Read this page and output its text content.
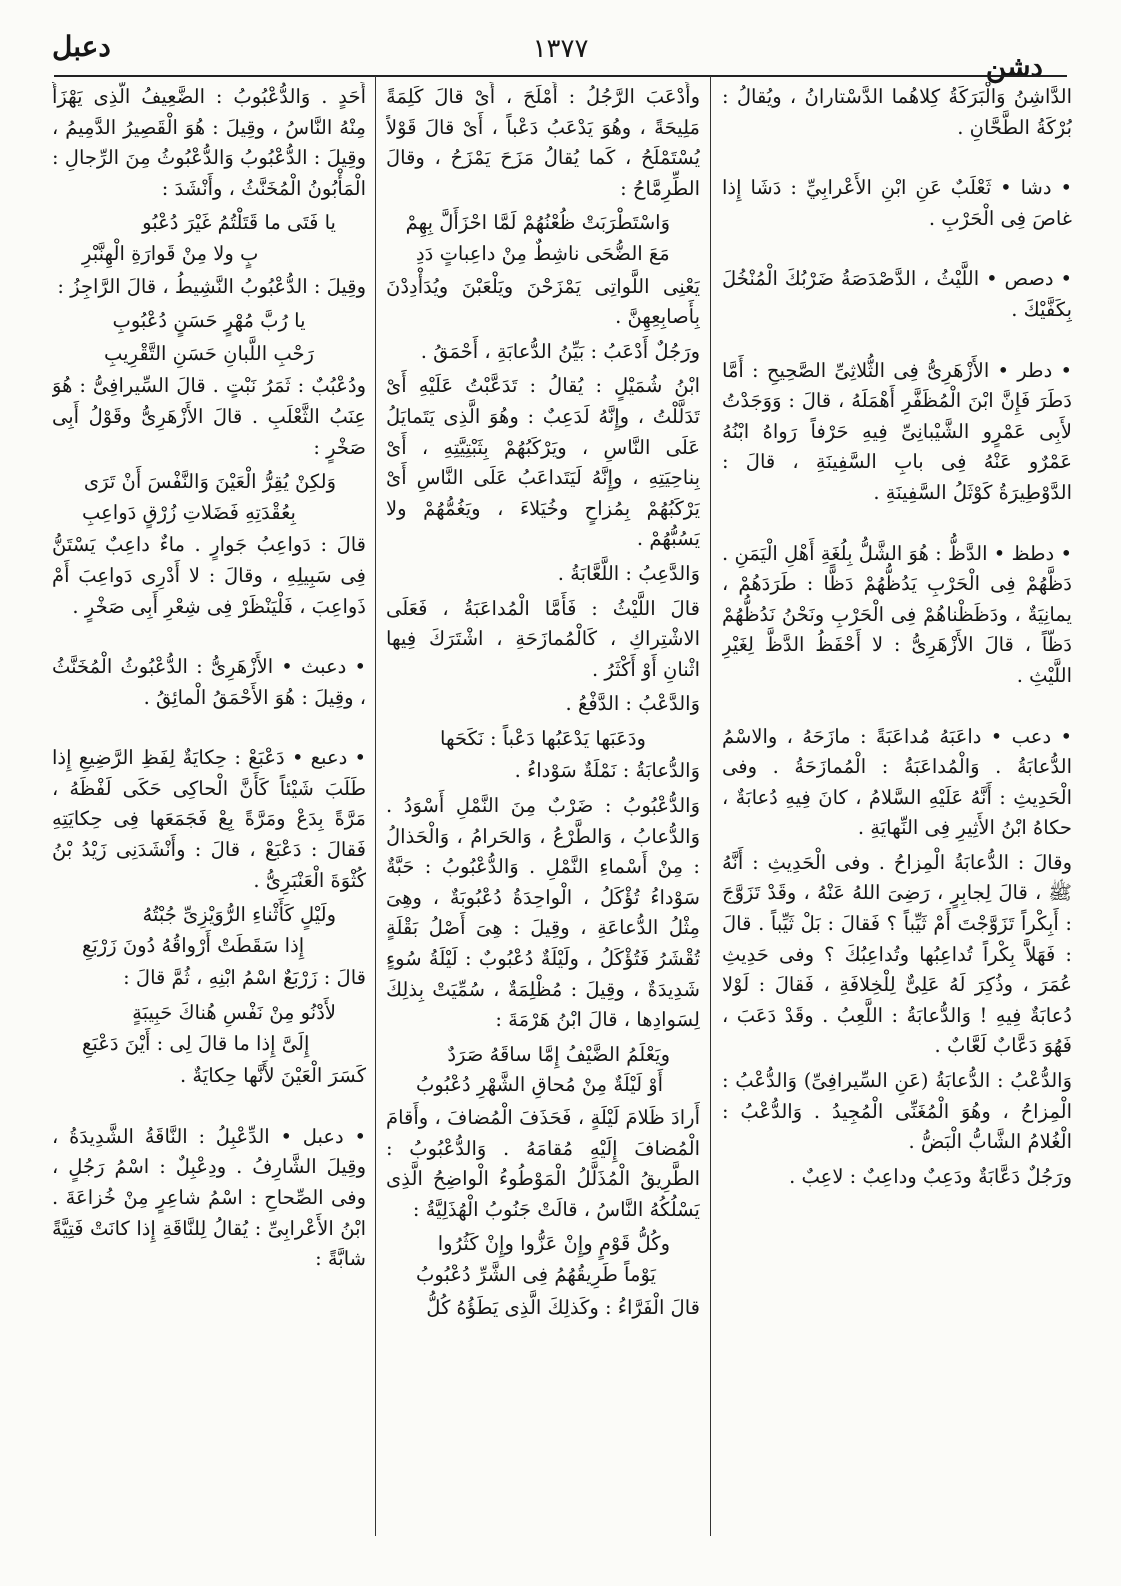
دشن
١٣٧٧
دعبل

الدَّاشِنُ وَالْبَرَكَةُ كِلاهُما الدَّسْتارانُ ، ويُقالُ : بُرْكَةُ الطَّحَّانِ .

• دشا • ثَعْلَبٌ عَنِ ابْنِ الأَعْرابِيِّ : دَشَا إِذا غاصَ فِى الْحَرْبِ .

• دصص • اللَّيْثُ ، الدَّصْدَصَةُ ضَرْبُكَ الْمُنْخُلَ بِكَفَّيْكَ .

• دطر • الأَزْهَرِىُّ فِى الثُّلاثِىِّ الصَّحِيحِ : أَمَّا دَطَرَ فَإِنَّ ابْنَ الْمُظَفَّرِ أَهْمَلَهُ ، قالَ : وَوَجَدْتُ لأَبِى عَمْرٍو الشَّيْبانِىِّ فِيهِ حَرْفاً رَواهُ ابْنُهُ عَمْرٌو عَنْهُ فِى بابِ السَّفِينَةِ ، قالَ : الدَّوْطِيرَةُ كَوْثَلُ السَّفِينَةِ .

• دطظ • الدَّظُّ : هُوَ الشَّلُّ بِلُغَةِ أَهْلِ الْيَمَنِ . دَظَّهُمْ فِى الْحَرْبِ يَدُظُّهُمْ دَظًّا : طَرَدَهُمْ ، يمانِيَةٌ ، ودَظَظْناهُمْ فِى الْحَرْبِ ونَحْنُ نَدُظُّهُمْ دَظّاً ، قالَ الأَزْهَرِىُّ : لا أَحْفَظُ الدَّظَّ لِغَيْرِ اللَّيْثِ .

• دعب • داعَبَهُ مُداعَبَةً : مازَحَهُ ، والاسْمُ الدُّعابَةُ . وَالْمُداعَبَةُ : الْمُمازَحَةُ . وفى الْحَدِيثِ : أَنَّهُ عَلَيْهِ السَّلامُ ، كانَ فِيهِ دُعابَةٌ ، حكاهُ ابْنُ الأَثِيرِ فِى النِّهايَةِ .

وقالَ : الدُّعابَةُ الْمِزاحُ . وفى الْحَدِيثِ : أَنَّهُ ﷺ ، قالَ لِجابِرٍ ، رَضِىَ اللهُ عَنْهُ ، وقَدْ تَزَوَّجَ : أَبِكْراً تَزَوَّجْتَ أَمْ ثَيِّباً ؟ فَقالَ : بَلْ ثَيِّباً . قالَ : فَهَلاَّ بِكْراً تُداعِبُها وتُداعِبُكَ ؟ وفى حَدِيثِ عُمَرَ ، وذُكِرَ لَهُ عَلِىٌّ لِلْخِلافَةِ ، فَقالَ : لَوْلا دُعابَةٌ فِيهِ ! وَالدُّعابَةُ : اللَّعِبُ . وقَدْ دَعَبَ ، فَهُوَ دَعَّابٌ لَعَّابٌ .

وَالدُّعْبُ : الدُّعابَةُ (عَنِ السِّيرافِىِّ) وَالدُّعْبُ : الْمِزاحُ ، وهُوَ الْمُغَنِّى الْمُجِيدُ . وَالدُّعْبُ : الْغُلامُ الشَّابُّ الْبَضُّ .

ورَجُلٌ دَعَّابَةٌ ودَعِبٌ وداعِبٌ : لاعِبٌ .

وأَدْعَبَ الرَّجُلُ : أَمْلَحَ ، أَىْ قالَ كَلِمَةً مَلِيحَةً ، وهُوَ يَدْعَبُ دَعْباً ، أَىْ قالَ قَوْلاً يُسْتَمْلَحُ ، كَما يُقالُ مَزَحَ يَمْزَحُ ، وقالَ الطِّرِمَّاحُ :

وَاسْتَطْرَبَتْ ظُعْنُهُمْ لَمَّا احْزَأَلَّ بِهِمْ

مَعَ الضُّحَى ناشِطٌ مِنْ داعِباتٍ دَدِ

يَعْنِى اللَّواتِى يَمْزَحْنَ ويَلْعَبْنَ ويُدَأْدِدْنَ بِأَصابِعِهِنَّ .

ورَجُلٌ أَدْعَبُ : بَيِّنُ الدُّعابَةِ ، أَحْمَقُ .

ابْنُ شُمَيْلٍ : يُقالُ : تَدَعَّبْتُ عَلَيْهِ أَىْ تَدَلَّلْتُ ، وإِنَّهُ لَدَعِبٌ : وهُوَ الَّذِى يَتَمايَلُ عَلَى النَّاسِ ، ويَرْكَبُهُمْ بِثَبْتِيَّتِهِ ، أَىْ بِناحِيَتِهِ ، وإِنَّهُ لَيَتَداعَبُ عَلَى النَّاسِ أَىْ يَرْكَبُهُمْ بِمُزاحٍ وخُيَلاءَ ، ويَغُمُّهُمْ ولا يَسُبُّهُمْ .

وَالدَّعِبُ : اللَّعَّابَةُ .

قالَ اللَّيْثُ : فَأَمَّا الْمُداعَبَةُ ، فَعَلَى الاشْتِراكِ ، كَالْمُمازَحَةِ ، اشْتَرَكَ فِيها اثْنانِ أَوْ أَكْثَرُ .

وَالدَّعْبُ : الدَّفْعُ .

ودَعَبَها يَدْعَبُها دَعْباً : نَكَحَها

وَالدُّعابَةُ : نَمْلَةٌ سَوْداءُ .

وَالدُّعْبُوبُ : ضَرْبٌ مِنَ النَّمْلِ أَسْوَدُ . وَالدُّعابُ ، وَالطَّرْعُ ، وَالحَرامُ ، وَالْحَذالُ : مِنْ أَسْماءِ النَّمْلِ . وَالدُّعْبُوبُ : حَبَّةٌ سَوْداءُ تُؤْكَلُ ، الْواحِدَةُ دُعْبُوبَةٌ ، وهِىَ مِثْلُ الدُّعاعَةِ ، وقِيلَ : هِىَ أَصْلُ بَقْلَةٍ تُقْشَرُ فَتُؤْكَلُ ، ولَيْلَةٌ دُعْبُوبٌ : لَيْلَةُ سُوءٍ شَدِيدَةٌ ، وقِيلَ : مُظْلِمَةٌ ، سُمِّيَتْ بِذلِكَ لِسَوادِها ، قالَ ابْنُ هَرْمَةَ :

ويَعْلَمُ الضَّيْفُ إِمَّا ساقَهُ صَرَدٌ

أَوْ لَيْلَةٌ مِنْ مُحاقِ الشَّهْرِ دُعْبُوبُ

أَرادَ ظَلامَ لَيْلَةٍ ، فَحَذَفَ الْمُضافَ ، وأَقامَ الْمُضافَ إِلَيْهِ مُقامَهُ . وَالدُّعْبُوبُ : الطَّرِيقُ الْمُذَلَّلُ الْمَوْطُوءُ الْواضِحُ الَّذِى يَسْلُكُهُ النَّاسُ ، قالَتْ جَنُوبُ الْهُذَلِيَّةُ :

وكُلُّ قَوْمٍ وإِنْ عَزُّوا وإِنْ كَثُرُوا

يَوْماً طَرِيقُهُمُ فِى الشَّرِّ دُعْبُوبُ

قالَ الْفَرَّاءُ : وكَذلِكَ الَّذِى يَطَؤُهُ كُلُّ

أَحَدٍ . وَالدُّعْبُوبُ : الضَّعِيفُ الَّذِى يَهْزَأُ مِنْهُ النَّاسُ ، وقِيلَ : هُوَ الْقَصِيرُ الدَّمِيمُ ، وقِيلَ : الدُّعْبُوبُ وَالدُّعْبُوثُ مِنَ الرِّجالِ : الْمَأْبُونُ الْمُخَنَّثُ ، وأَنْشَدَ :

يا فَتَى ما قَتَلْتُمُ غَيْرَ دُعْبُو

بٍ ولا مِنْ قَوارَةِ الْهِنَّبْرِ

وقِيلَ : الدُّعْبُوبُ النَّشِيطُ ، قالَ الرَّاجِزُ :

يا رُبَّ مُهْرٍ حَسَنٍ دُعْبُوبِ

رَحْبِ اللَّبانِ حَسَنِ التَّقْرِيبِ

ودُعْبُبٌ : ثَمَرُ نَبْتٍ . قالَ السِّيرافِىُّ : هُوَ عِنَبُ الثَّعْلَبِ . قالَ الأَزْهَرِىُّ وقَوْلُ أَبِى صَخْرٍ :

وَلكِنْ يُقِرُّ الْعَيْنَ وَالنَّفْسَ أَنْ تَرَى

بِعُقْدَتِهِ فَضَلاتِ زُرْقٍ دَواعِبِ

قالَ : دَواعِبُ جَوارٍ . ماءٌ داعِبٌ يَسْتَنُّ فِى سَبِيلِهِ ، وقالَ : لا أَدْرِى دَواعِبَ أَمْ ذَواعِبَ ، فَلْيَنْظَرْ فِى شِعْرِ أَبِى صَخْرٍ .

• دعبث • الأَزْهَرِىُّ : الدُّعْبُوثُ الْمُخَنَّثُ ، وقِيلَ : هُوَ الأَحْمَقُ الْمائِقُ .

• دعبع • دَعْبَعْ : حِكايَةٌ لِفَظِ الرَّضِيعِ إِذا طَلَبَ شَيْئاً كَأَنَّ الْحاكِى حَكَى لَفْظَهُ ، مَرَّةً بِدَعْ ومَرَّةً بِعْ فَجَمَعَها فِى حِكايَتِهِ فَقالَ : دَعْبَعْ ، قالَ : وأَنْشَدَنِى زَيْدُ بْنُ كُثْوَةَ الْعَنْبَرِىُّ .

ولَيْلٍ كَأَثْناءِ الرُّوَيْزِىِّ جُبْتُهُ

إِذا سَقَطَتْ أَرْواقُهُ دُونَ زَرْبَعِ

قالَ : زَرْبَعٌ اسْمُ ابْنِهِ ، ثُمَّ قالَ :

لأَدْنُو مِنْ نَفْسِ هُناكَ حَبِيبَةٍ

إِلَىَّ إِذا ما قالَ لِى : أَيْنَ دَعْبَعِ

كَسَرَ الْعَيْنَ لأَنَّها حِكايَةٌ .

• دعبل • الدِّعْبِلُ : النَّاقَةُ الشَّدِيدَةُ ، وقِيلَ الشَّارِفُ . ودِعْبِلٌ : اسْمُ رَجُلٍ ، وفى الصِّحاحِ : اسْمُ شاعِرٍ مِنْ خُزاعَةَ . ابْنُ الأَعْرابِىِّ : يُقالُ لِلنَّاقَةِ إِذا كانَتْ فَتِيَّةً شابَّةً :
